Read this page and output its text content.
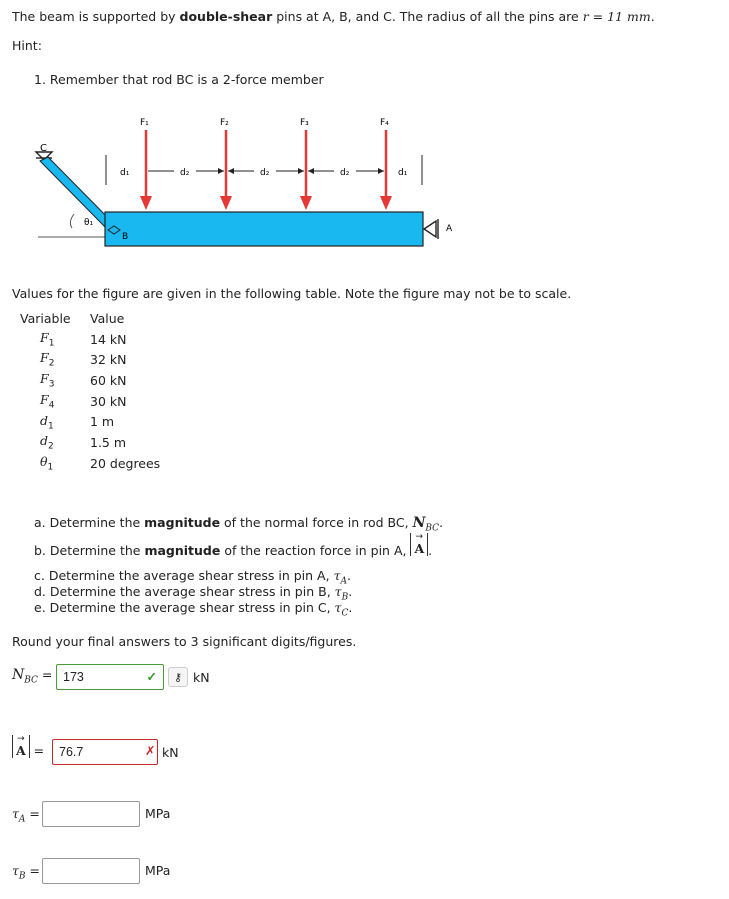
The beam is supported by double-shear pins at A, B, and C. The radius of all the pins are r = 11 mm.
Hint:
1. Remember that rod BC is a 2-force member
C
θ₁
B
A
F₁	F₂	F₃	F₄
d₁	d₂	d₂	d₂	d₁
Values for the figure are given in the following table. Note the figure may not be to scale.
Variable	Value
$F_1$	14 kN
$F_2$	32 kN
$F_3$	60 kN
$F_4$	30 kN
$d_1$	1 m
$d_2$	1.5 m
$\theta_1$	20 degrees
a. Determine the magnitude of the normal force in rod BC, $N_{BC}$.
b. Determine the magnitude of the reaction force in pin A,
→
A .
c. Determine the average shear stress in pin A, $\tau_A$.
d. Determine the average shear stress in pin B, $\tau_B$.
e. Determine the average shear stress in pin C, $\tau_C$.
Round your final answers to 3 significant digits/figures.
$N_{BC} = 173$	✓	⚷ kN
→
A = 76.7	✗ kN
$\tau_A$ =	MPa
$\tau_B$ =	MPa
